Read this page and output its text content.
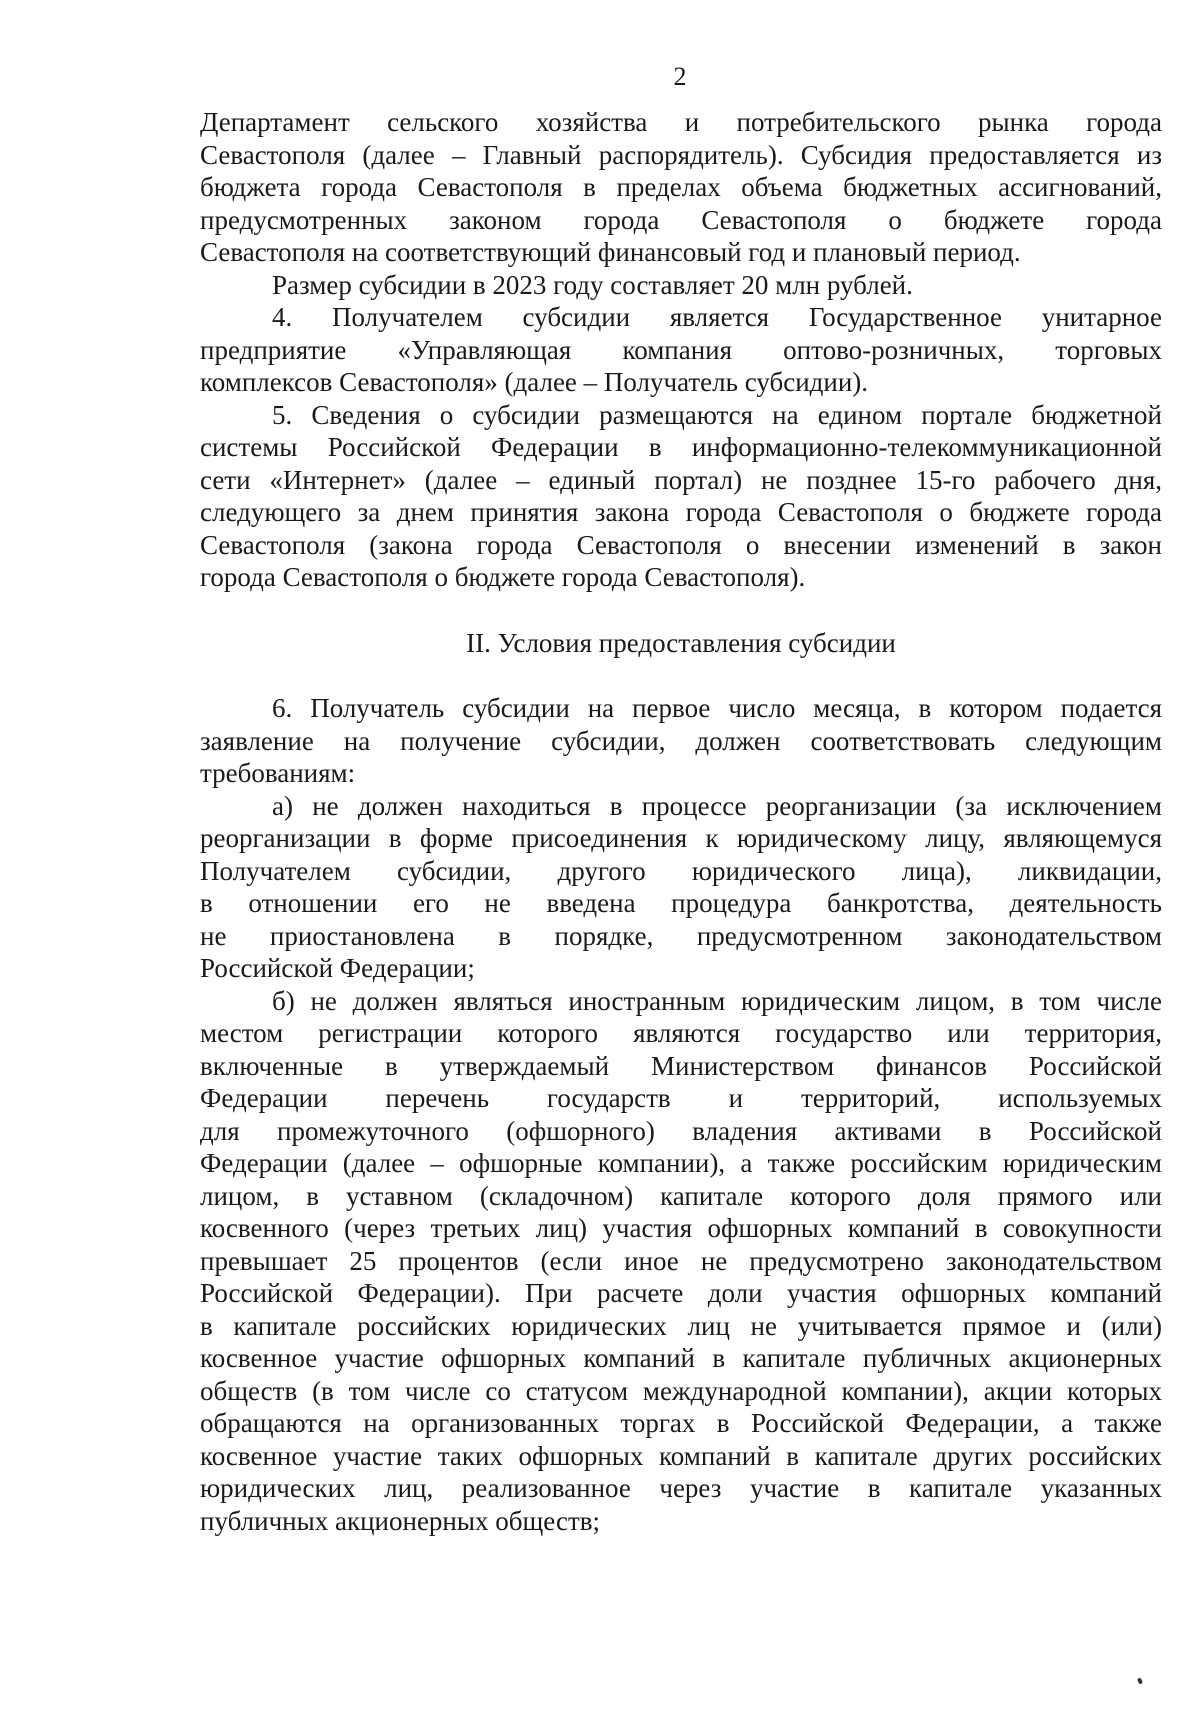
2
Департамент сельского хозяйства и потребительского рынка города
Севастополя (далее – Главный распорядитель). Субсидия предоставляется из
бюджета города Севастополя в пределах объема бюджетных ассигнований,
предусмотренных законом города Севастополя о бюджете города
Севастополя на соответствующий финансовый год и плановый период.
Размер субсидии в 2023 году составляет 20 млн рублей.
4. Получателем субсидии является Государственное унитарное
предприятие «Управляющая компания оптово-розничных, торговых
комплексов Севастополя» (далее – Получатель субсидии).
5. Сведения о субсидии размещаются на едином портале бюджетной
системы Российской Федерации в информационно-телекоммуникационной
сети «Интернет» (далее – единый портал) не позднее 15-го рабочего дня,
следующего за днем принятия закона города Севастополя о бюджете города
Севастополя (закона города Севастополя о внесении изменений в закон
города Севастополя о бюджете города Севастополя).
II. Условия предоставления субсидии
6. Получатель субсидии на первое число месяца, в котором подается
заявление на получение субсидии, должен соответствовать следующим
требованиям:
а) не должен находиться в процессе реорганизации (за исключением
реорганизации в форме присоединения к юридическому лицу, являющемуся
Получателем субсидии, другого юридического лица), ликвидации,
в отношении его не введена процедура банкротства, деятельность
не приостановлена в порядке, предусмотренном законодательством
Российской Федерации;
б) не должен являться иностранным юридическим лицом, в том числе
местом регистрации которого являются государство или территория,
включенные в утверждаемый Министерством финансов Российской
Федерации перечень государств и территорий, используемых
для промежуточного (офшорного) владения активами в Российской
Федерации (далее – офшорные компании), а также российским юридическим
лицом, в уставном (складочном) капитале которого доля прямого или
косвенного (через третьих лиц) участия офшорных компаний в совокупности
превышает 25 процентов (если иное не предусмотрено законодательством
Российской Федерации). При расчете доли участия офшорных компаний
в капитале российских юридических лиц не учитывается прямое и (или)
косвенное участие офшорных компаний в капитале публичных акционерных
обществ (в том числе со статусом международной компании), акции которых
обращаются на организованных торгах в Российской Федерации, а также
косвенное участие таких офшорных компаний в капитале других российских
юридических лиц, реализованное через участие в капитале указанных
публичных акционерных обществ;
